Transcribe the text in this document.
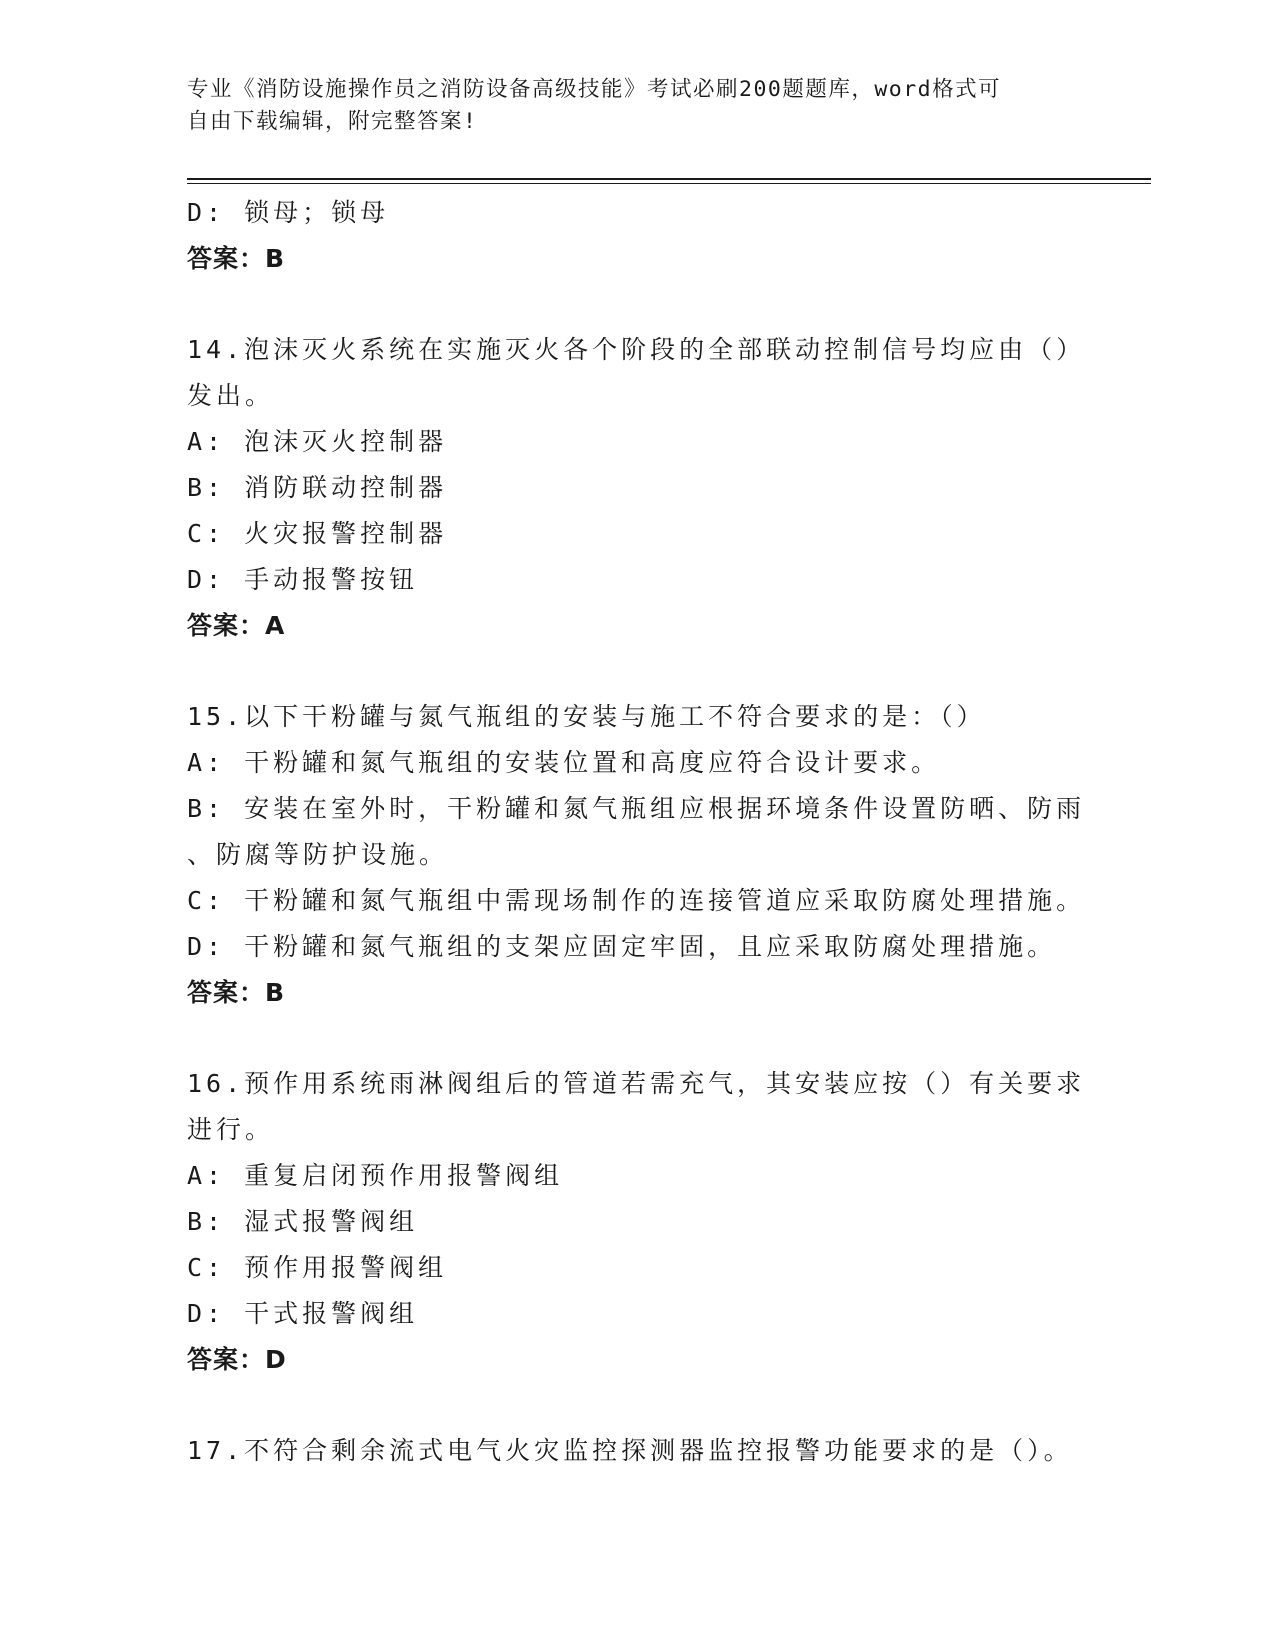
专业《消防设施操作员之消防设备高级技能》考试必刷200题题库，word格式可
自由下载编辑，附完整答案!
D: 锁母；锁母
答案：B
14.泡沫灭火系统在实施灭火各个阶段的全部联动控制信号均应由（）
发出。
A: 泡沫灭火控制器
B: 消防联动控制器
C: 火灾报警控制器
D: 手动报警按钮
答案：A
15.以下干粉罐与氮气瓶组的安装与施工不符合要求的是：（）
A: 干粉罐和氮气瓶组的安装位置和高度应符合设计要求。
B: 安装在室外时，干粉罐和氮气瓶组应根据环境条件设置防晒、防雨
、防腐等防护设施。
C: 干粉罐和氮气瓶组中需现场制作的连接管道应采取防腐处理措施。
D: 干粉罐和氮气瓶组的支架应固定牢固，且应采取防腐处理措施。
答案：B
16.预作用系统雨淋阀组后的管道若需充气，其安装应按（）有关要求
进行。
A: 重复启闭预作用报警阀组
B: 湿式报警阀组
C: 预作用报警阀组
D: 干式报警阀组
答案：D
17.不符合剩余流式电气火灾监控探测器监控报警功能要求的是（）。
